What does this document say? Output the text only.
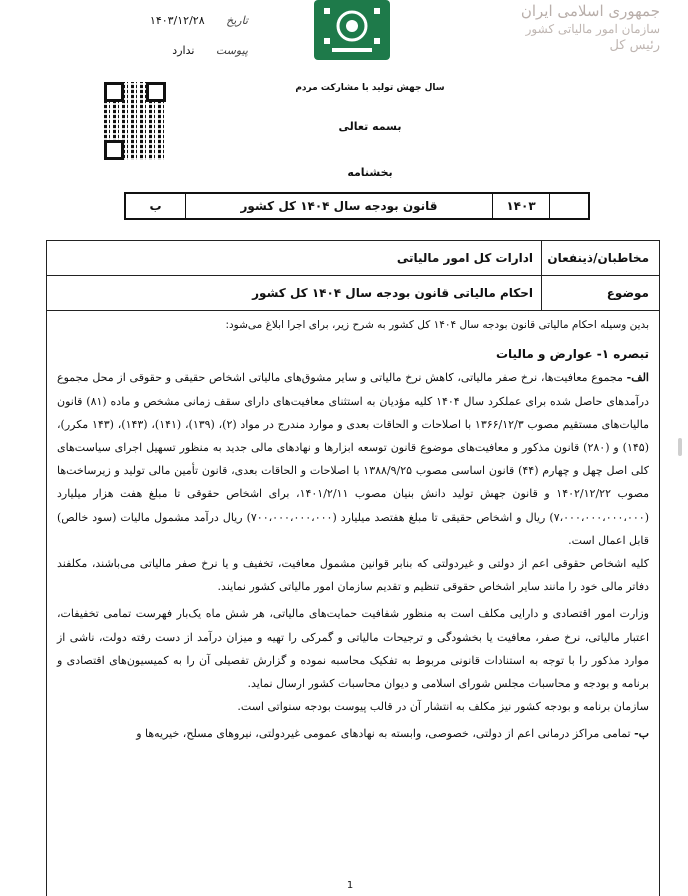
تاریخ ۱۴۰۳/۱۲/۲۸
پیوست ندارد
جمهوری اسلامی ایران
سازمان امور مالیاتی کشور
رئیس کل
سال جهش تولید با مشارکت مردم
بسمه تعالی
بخشنامه
۱۴۰۳
قانون بودجه سال ۱۴۰۴ کل کشور
ب
مخاطبان/ذینفعان
ادارات کل امور مالیاتی
موضوع
احکام مالیاتی قانون بودجه سال ۱۴۰۴ کل کشور

بدین وسیله احکام مالیاتی قانون بودجه سال ۱۴۰۴ کل کشور به شرح زیر، برای اجرا ابلاغ می‌شود:

تبصره ۱- عوارض و مالیات

الف- مجموع معافیت‌ها، نرخ صفر مالیاتی، کاهش نرخ مالیاتی و سایر مشوق‌های مالیاتی اشخاص حقیقی و حقوقی از محل مجموع درآمدهای حاصل شده برای عملکرد سال ۱۴۰۴ کلیه مؤدیان به استثنای معافیت‌های دارای سقف زمانی مشخص و ماده (۸۱) قانون مالیات‌های مستقیم مصوب ۱۳۶۶/۱۲/۳ با اصلاحات و الحاقات بعدی و موارد مندرج در مواد (۲)، (۱۳۹)، (۱۴۱)، (۱۴۳)، (۱۴۳ مکرر)، (۱۴۵) و (۲۸۰) قانون مذکور و معافیت‌های موضوع قانون توسعه ابزارها و نهادهای مالی جدید به منظور تسهیل اجرای سیاست‌های کلی اصل چهل و چهارم (۴۴) قانون اساسی مصوب ۱۳۸۸/۹/۲۵ با اصلاحات و الحاقات بعدی، قانون تأمین مالی تولید و زیرساخت‌ها مصوب ۱۴۰۲/۱۲/۲۲ و قانون جهش تولید دانش بنیان مصوب ۱۴۰۱/۲/۱۱، برای اشخاص حقوقی تا مبلغ هفت هزار میلیارد (۷،۰۰۰،۰۰۰،۰۰۰،۰۰۰) ریال و اشخاص حقیقی تا مبلغ هفتصد میلیارد (۷۰۰،۰۰۰،۰۰۰،۰۰۰) ریال درآمد مشمول مالیات (سود خالص) قابل اعمال است.

کلیه اشخاص حقوقی اعم از دولتی و غیردولتی که بنابر قوانین مشمول معافیت، تخفیف و یا نرخ صفر مالیاتی می‌باشند، مکلفند دفاتر مالی خود را مانند سایر اشخاص حقوقی تنظیم و تقدیم سازمان امور مالیاتی کشور نمایند.

وزارت امور اقتصادی و دارایی مکلف است به منظور شفافیت حمایت‌های مالیاتی، هر شش ماه یک‌بار فهرست تمامی تخفیفات، اعتبار مالیاتی، نرخ صفر، معافیت یا بخشودگی و ترجیحات مالیاتی و گمرکی را تهیه و میزان درآمد از دست رفته دولت، ناشی از موارد مذکور را با توجه به استنادات قانونی مربوط به تفکیک محاسبه نموده و گزارش تفصیلی آن را به کمیسیون‌های اقتصادی و برنامه و بودجه و محاسبات مجلس شورای اسلامی و دیوان محاسبات کشور ارسال نماید.

سازمان برنامه و بودجه کشور نیز مکلف به انتشار آن در قالب پیوست بودجه سنواتی است.

ب- تمامی مراکز درمانی اعم از دولتی، خصوصی، وابسته به نهادهای عمومی غیردولتی، نیروهای مسلح، خیریه‌ها و

1
